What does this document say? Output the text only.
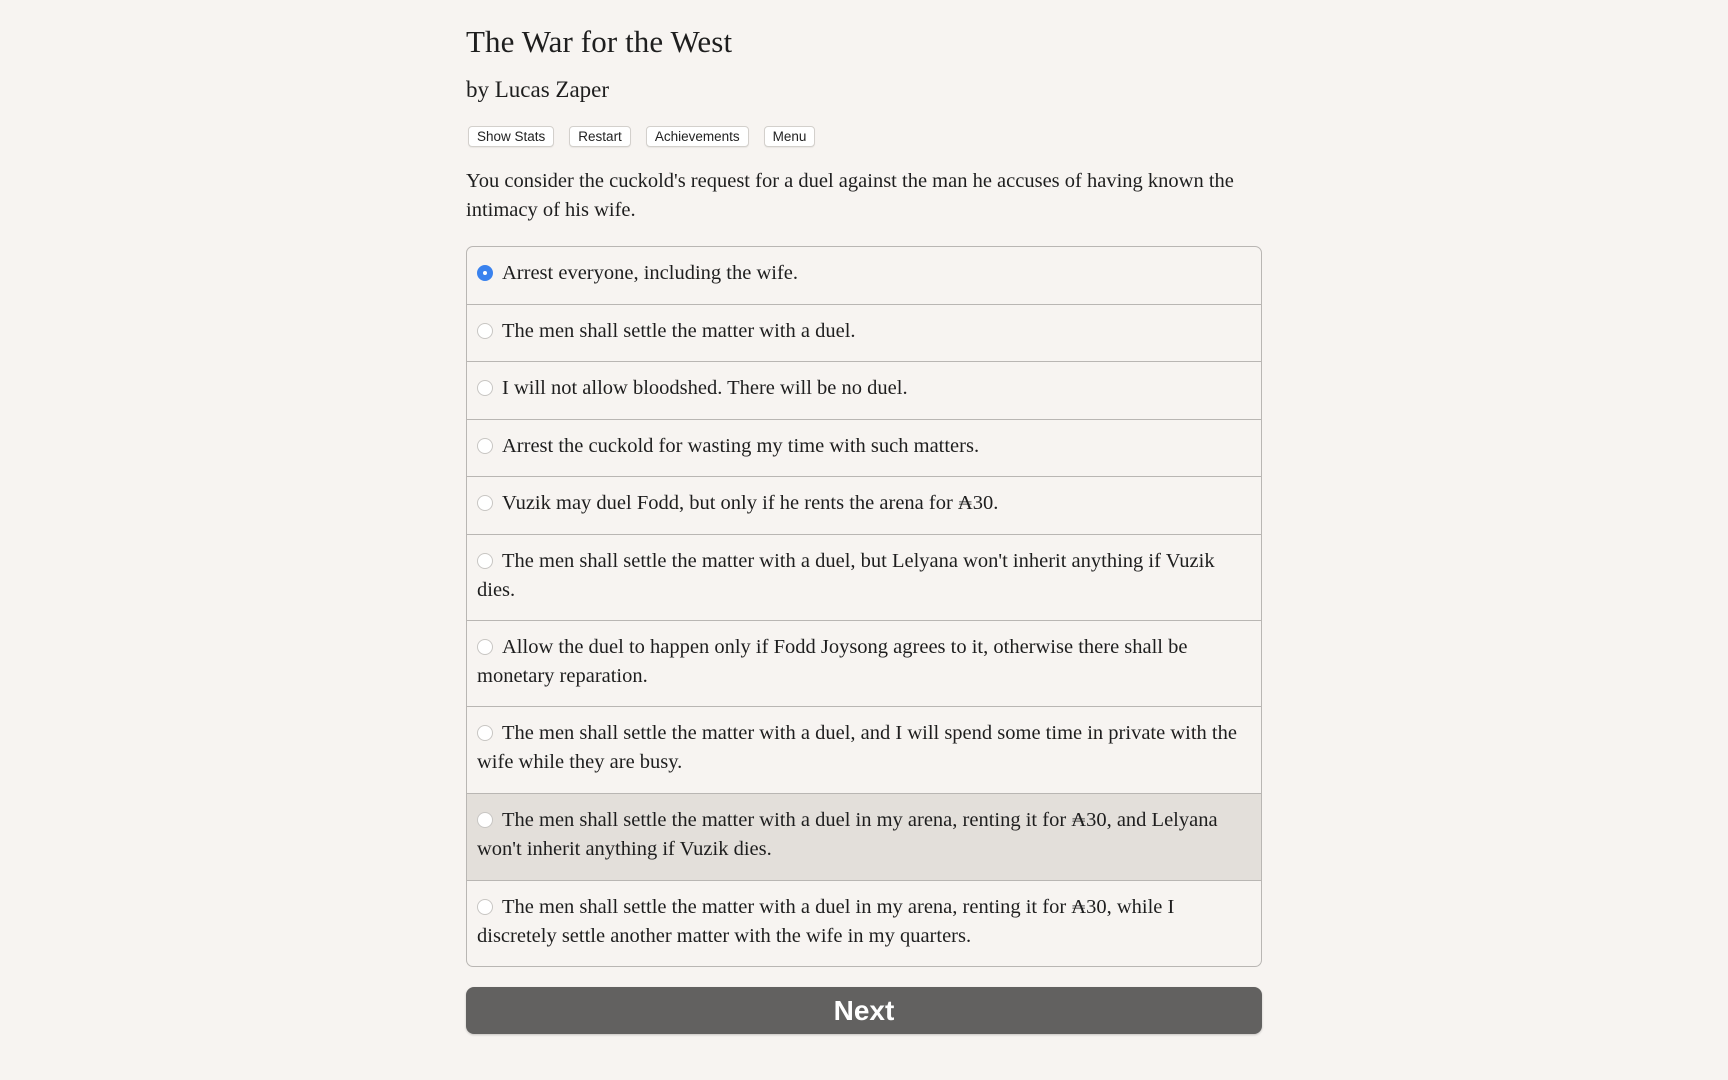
The War for the West
by Lucas Zaper
Show Stats	Restart	Achievements	Menu

You consider the cuckold's request for a duel against the man he accuses of having known the intimacy of his wife.

Arrest everyone, including the wife.
The men shall settle the matter with a duel.
I will not allow bloodshed. There will be no duel.
Arrest the cuckold for wasting my time with such matters.
Vuzik may duel Fodd, but only if he rents the arena for ₳30.
The men shall settle the matter with a duel, but Lelyana won't inherit anything if Vuzik dies.
Allow the duel to happen only if Fodd Joysong agrees to it, otherwise there shall be monetary reparation.
The men shall settle the matter with a duel, and I will spend some time in private with the wife while they are busy.
The men shall settle the matter with a duel in my arena, renting it for ₳30, and Lelyana won't inherit anything if Vuzik dies.
The men shall settle the matter with a duel in my arena, renting it for ₳30, while I discretely settle another matter with the wife in my quarters.
Next
